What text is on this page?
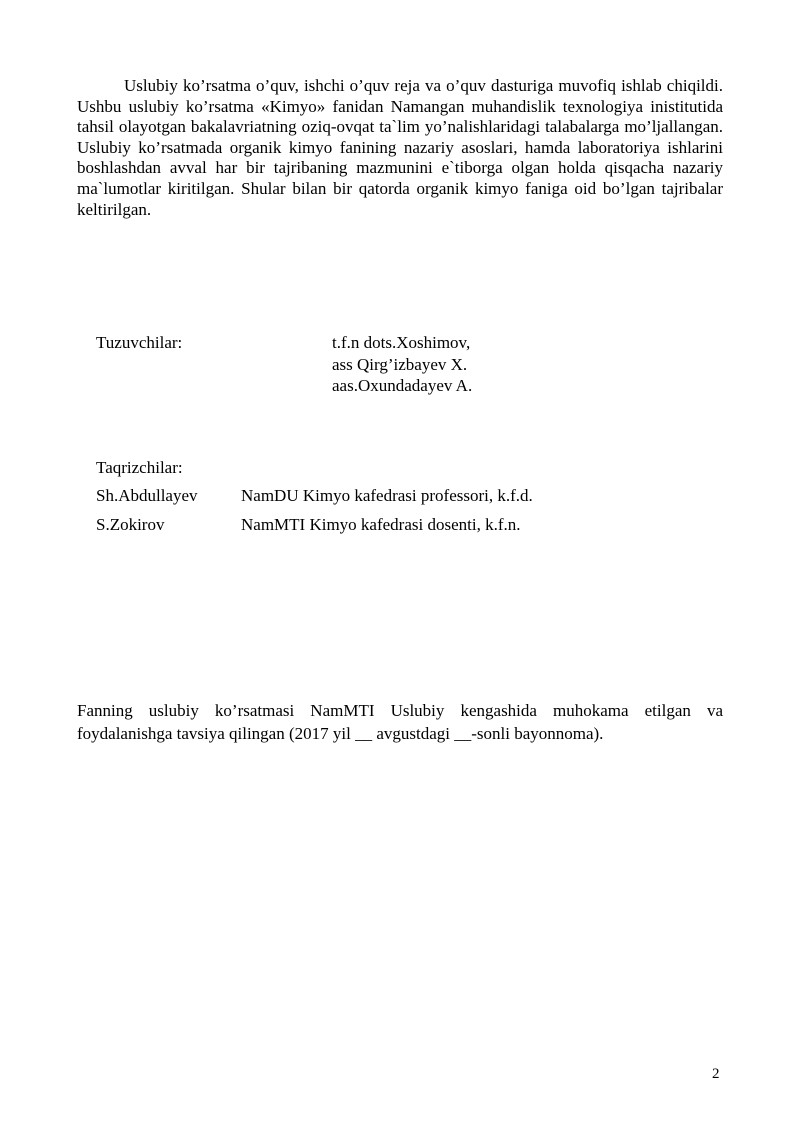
Uslubiy ko’rsatma o’quv, ishchi o’quv reja va o’quv dasturiga muvofiq ishlab chiqildi. Ushbu uslubiy ko’rsatma «Kimyo» fanidan Namangan muhandislik texnologiya inistitutida tahsil olayotgan bakalavriatning oziq-ovqat ta`lim yo’nalishlaridagi talabalarga mo’ljallangan. Uslubiy ko’rsatmada organik kimyo fanining nazariy asoslari, hamda laboratoriya ishlarini boshlashdan avval har bir tajribaning mazmunini e`tiborga olgan holda qisqacha nazariy ma`lumotlar kiritilgan. Shular bilan bir qatorda organik kimyo faniga oid bo’lgan tajribalar keltirilgan.
Tuzuvchilar:	t.f.n dots.Xoshimov,
ass Qirg’izbayev X.
aas.Oxundadayev A.
Taqrizchilar:
Sh.Abdullayev	NamDU Kimyo kafedrasi professori, k.f.d.
S.Zokirov	NamMTI Kimyo kafedrasi dosenti, k.f.n.
Fanning uslubiy ko’rsatmasi NamMTI Uslubiy kengashida muhokama etilgan va foydalanishga tavsiya qilingan (2017 yil __ avgustdagi __-sonli bayonnoma).
2
